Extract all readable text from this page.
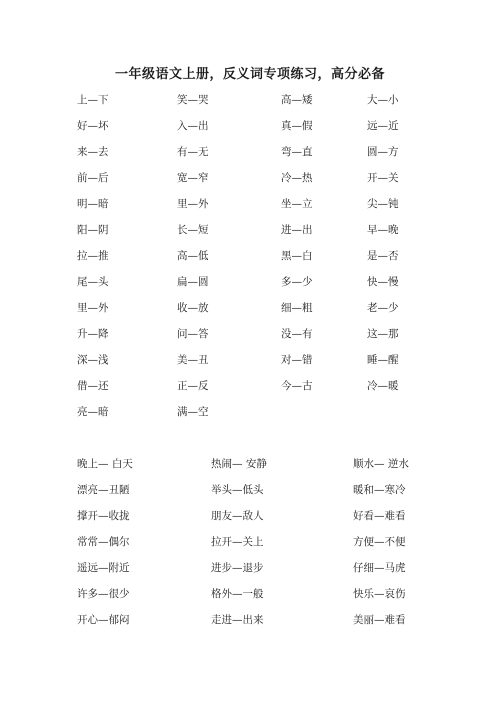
一年级语文上册，反义词专项练习，高分必备
上—下	笑—哭	高—矮	大—小
好—坏	入—出	真—假	远—近
来—去	有—无	弯—直	圆—方
前—后	宽—窄	冷—热	开—关
明—暗	里—外	坐—立	尖—钝
阳—阴	长—短	进—出	早—晚
拉—推	高—低	黑—白	是—否
尾—头	扁—圆	多—少	快—慢
里—外	收—放	细—粗	老—少
升—降	问—答	没—有	这—那
深—浅	美—丑	对—错	睡—醒
借—还	正—反	今—古	冷—暖
亮—暗	满—空
晚上— 白天	热闹— 安静	顺水— 逆水
漂亮—丑陋	举头—低头	暖和—寒冷
撑开—收拢	朋友—敌人	好看—难看
常常—偶尔	拉开—关上	方便—不便
遥远—附近	进步—退步	仔细—马虎
许多—很少	格外—一般	快乐—哀伤
开心—郁闷	走进—出来	美丽—难看
